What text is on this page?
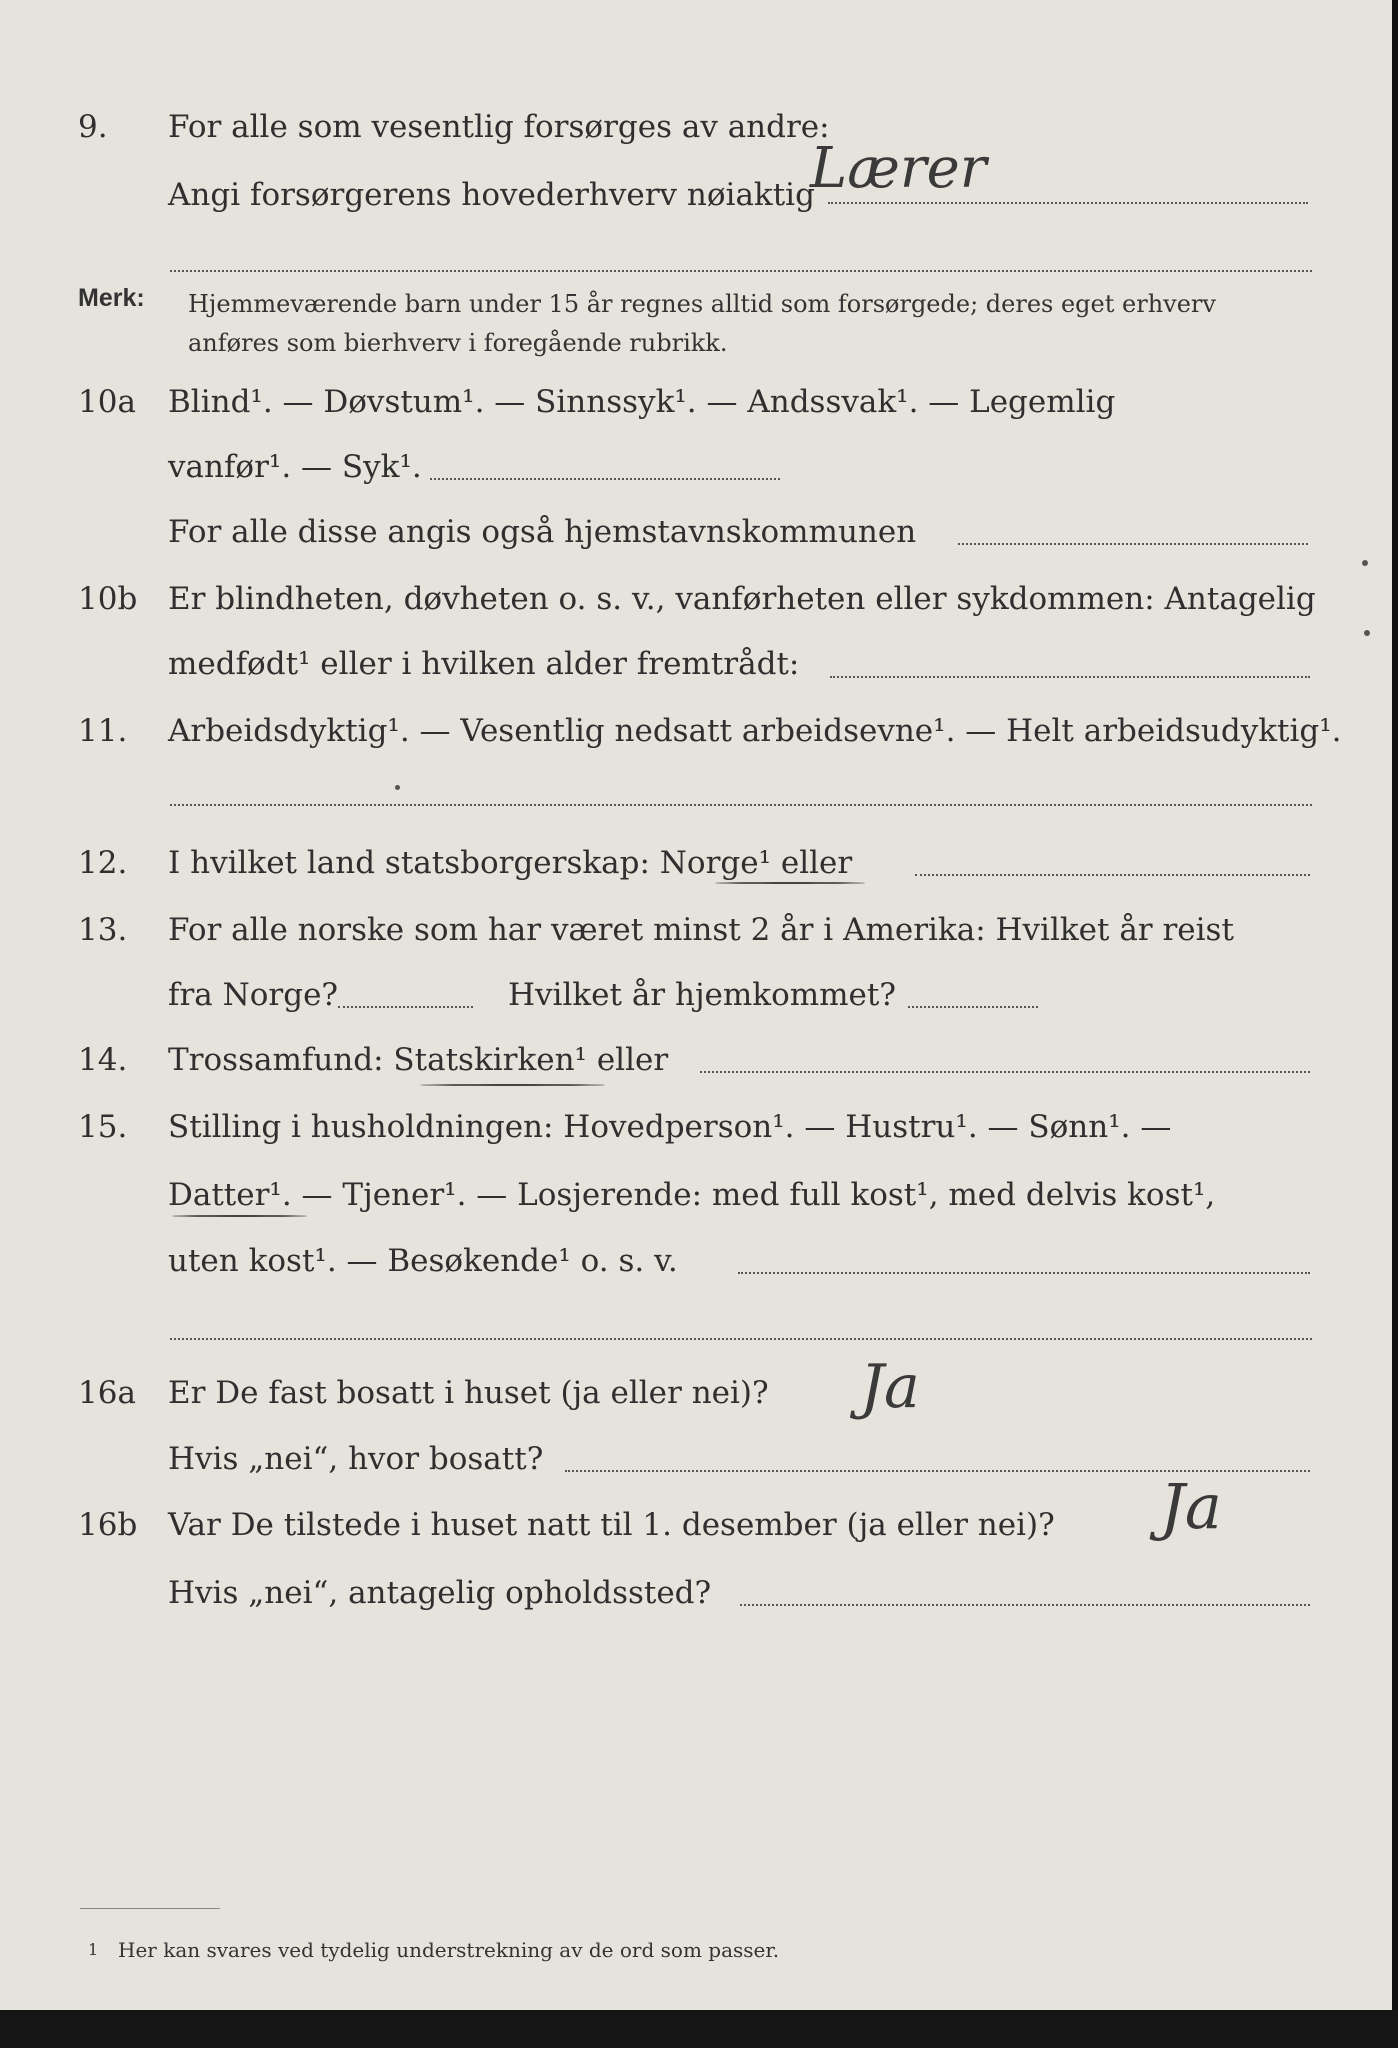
9.	For alle som vesentlig forsørges av andre:
Angi forsørgerens hovederhverv nøiaktig
Lærer
Merk: Hjemmeværende barn under 15 år regnes alltid som forsørgede; deres eget erhverv
anføres som bierhverv i foregående rubrikk.
10a	Blind¹. — Døvstum¹. — Sinnssyk¹. — Andssvak¹. — Legemlig
vanfør¹. — Syk¹.
For alle disse angis også hjemstavnskommunen
10b Er blindheten, døvheten o. s. v., vanførheten eller sykdommen: Antagelig
medfødt¹ eller i hvilken alder fremtrådt:
11.	Arbeidsdyktig¹. — Vesentlig nedsatt arbeidsevne¹. — Helt arbeidsudyktig¹.
12.	I hvilket land statsborgerskap: Norge¹ eller
13.	For alle norske som har været minst 2 år i Amerika: Hvilket år reist
fra Norge?	Hvilket år hjemkommet?
14.	Trossamfund: Statskirken¹ eller
15.	Stilling i husholdningen: Hovedperson¹. — Hustru¹. — Sønn¹. —
Datter¹. — Tjener¹. — Losjerende: med full kost¹, med delvis kost¹,
uten kost¹. — Besøkende¹ o. s. v.
16a	Er De fast bosatt i huset (ja eller nei)? Ja
Hvis „nei“, hvor bosatt?
16b Var De tilstede i huset natt til 1. desember (ja eller nei)? Ja
Hvis „nei“, antagelig opholdssted?
1 Her kan svares ved tydelig understrekning av de ord som passer.
